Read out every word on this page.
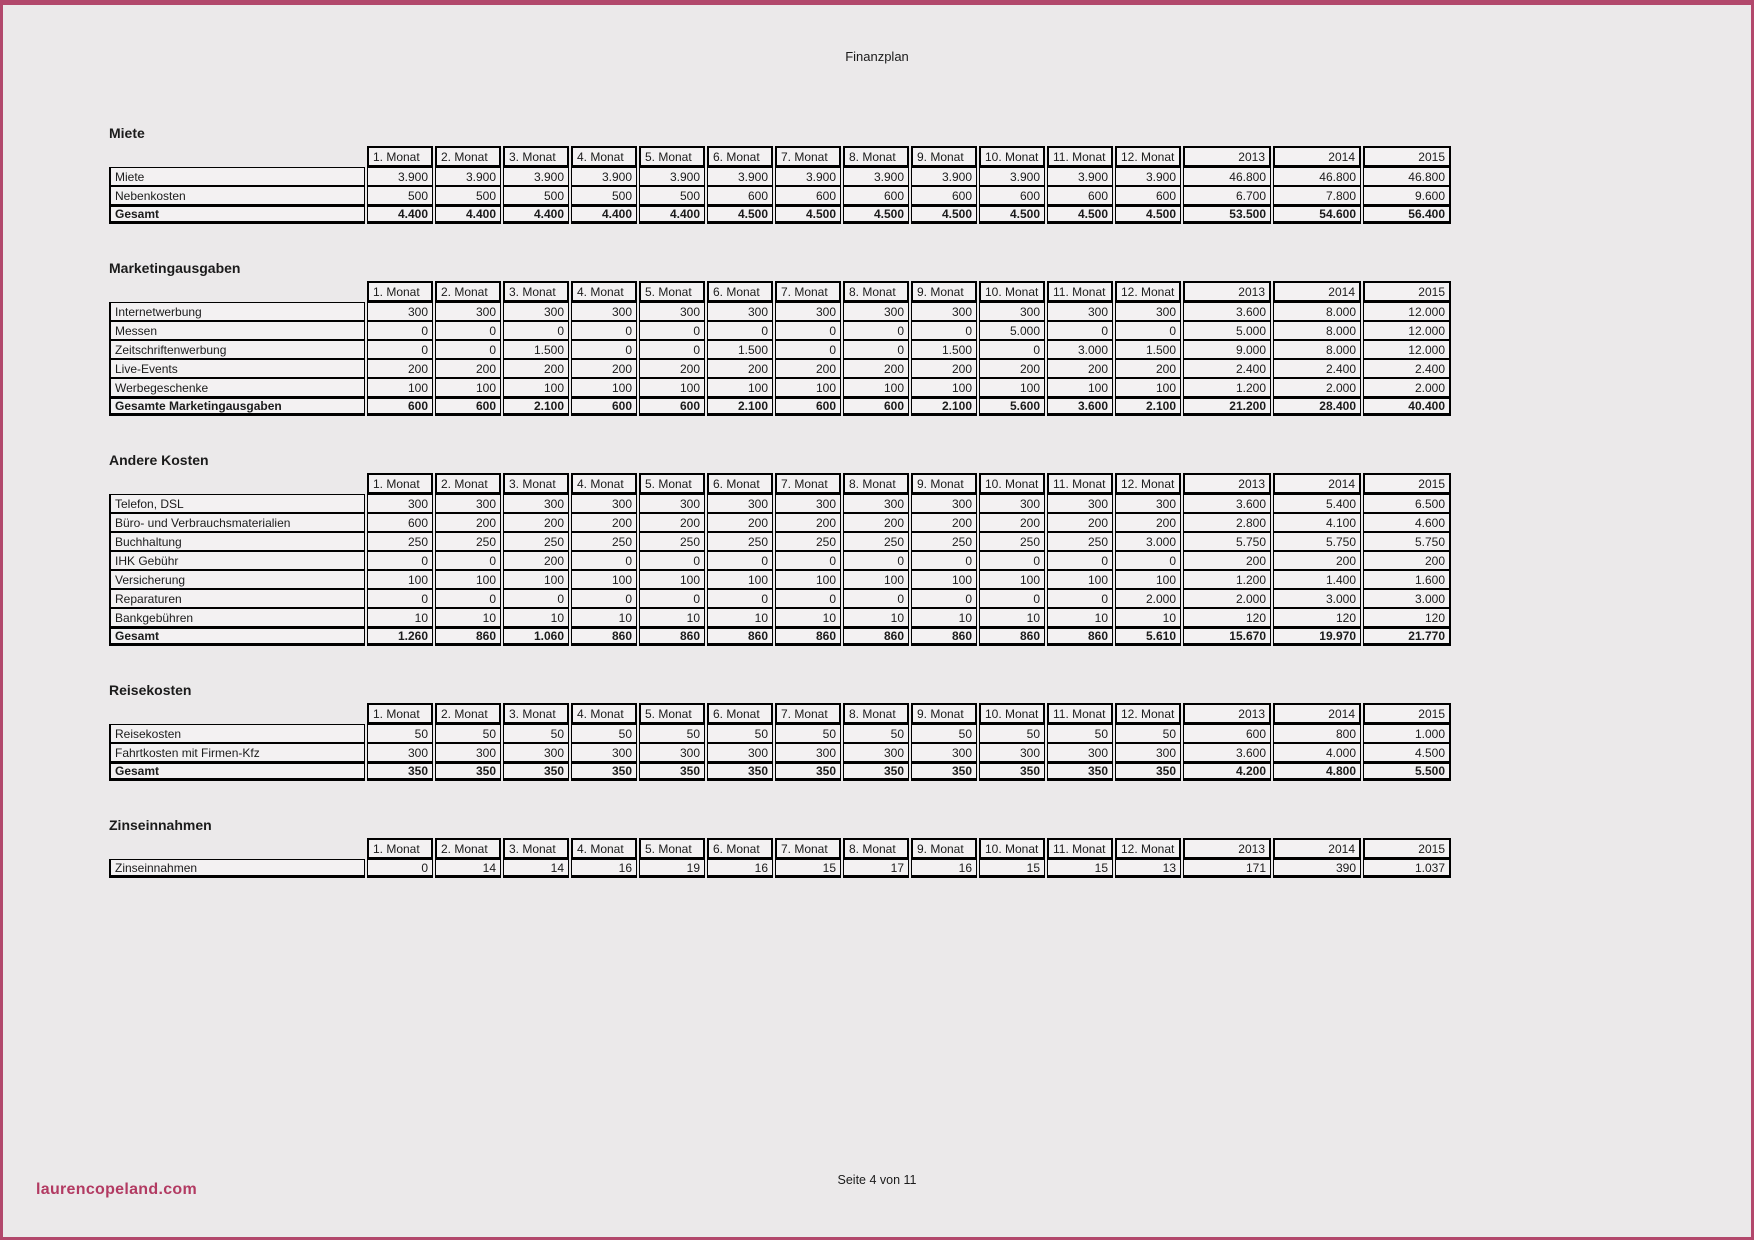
Finanzplan
Miete
	1. Monat	2. Monat	3. Monat	4. Monat	5. Monat	6. Monat	7. Monat	8. Monat	9. Monat	10. Monat	11. Monat	12. Monat	2013	2014	2015
Miete	3.900	3.900	3.900	3.900	3.900	3.900	3.900	3.900	3.900	3.900	3.900	3.900	46.800	46.800	46.800
Nebenkosten	500	500	500	500	500	600	600	600	600	600	600	600	6.700	7.800	9.600
Gesamt	4.400	4.400	4.400	4.400	4.400	4.500	4.500	4.500	4.500	4.500	4.500	4.500	53.500	54.600	56.400
Marketingausgaben
	1. Monat	2. Monat	3. Monat	4. Monat	5. Monat	6. Monat	7. Monat	8. Monat	9. Monat	10. Monat	11. Monat	12. Monat	2013	2014	2015
Internetwerbung	300	300	300	300	300	300	300	300	300	300	300	300	3.600	8.000	12.000
Messen	0	0	0	0	0	0	0	0	0	5.000	0	0	5.000	8.000	12.000
Zeitschriftenwerbung	0	0	1.500	0	0	1.500	0	0	1.500	0	3.000	1.500	9.000	8.000	12.000
Live-Events	200	200	200	200	200	200	200	200	200	200	200	200	2.400	2.400	2.400
Werbegeschenke	100	100	100	100	100	100	100	100	100	100	100	100	1.200	2.000	2.000
Gesamte Marketingausgaben	600	600	2.100	600	600	2.100	600	600	2.100	5.600	3.600	2.100	21.200	28.400	40.400
Andere Kosten
	1. Monat	2. Monat	3. Monat	4. Monat	5. Monat	6. Monat	7. Monat	8. Monat	9. Monat	10. Monat	11. Monat	12. Monat	2013	2014	2015
Telefon, DSL	300	300	300	300	300	300	300	300	300	300	300	300	3.600	5.400	6.500
Büro- und Verbrauchsmaterialien	600	200	200	200	200	200	200	200	200	200	200	200	2.800	4.100	4.600
Buchhaltung	250	250	250	250	250	250	250	250	250	250	250	3.000	5.750	5.750	5.750
IHK Gebühr	0	0	200	0	0	0	0	0	0	0	0	0	200	200	200
Versicherung	100	100	100	100	100	100	100	100	100	100	100	100	1.200	1.400	1.600
Reparaturen	0	0	0	0	0	0	0	0	0	0	0	2.000	2.000	3.000	3.000
Bankgebühren	10	10	10	10	10	10	10	10	10	10	10	10	120	120	120
Gesamt	1.260	860	1.060	860	860	860	860	860	860	860	860	5.610	15.670	19.970	21.770
Reisekosten
	1. Monat	2. Monat	3. Monat	4. Monat	5. Monat	6. Monat	7. Monat	8. Monat	9. Monat	10. Monat	11. Monat	12. Monat	2013	2014	2015
Reisekosten	50	50	50	50	50	50	50	50	50	50	50	50	600	800	1.000
Fahrtkosten mit Firmen-Kfz	300	300	300	300	300	300	300	300	300	300	300	300	3.600	4.000	4.500
Gesamt	350	350	350	350	350	350	350	350	350	350	350	350	4.200	4.800	5.500
Zinseinnahmen
	1. Monat	2. Monat	3. Monat	4. Monat	5. Monat	6. Monat	7. Monat	8. Monat	9. Monat	10. Monat	11. Monat	12. Monat	2013	2014	2015
Zinseinnahmen	0	14	14	16	19	16	15	17	16	15	15	13	171	390	1.037
Seite 4 von 11
laurencopeland.com
